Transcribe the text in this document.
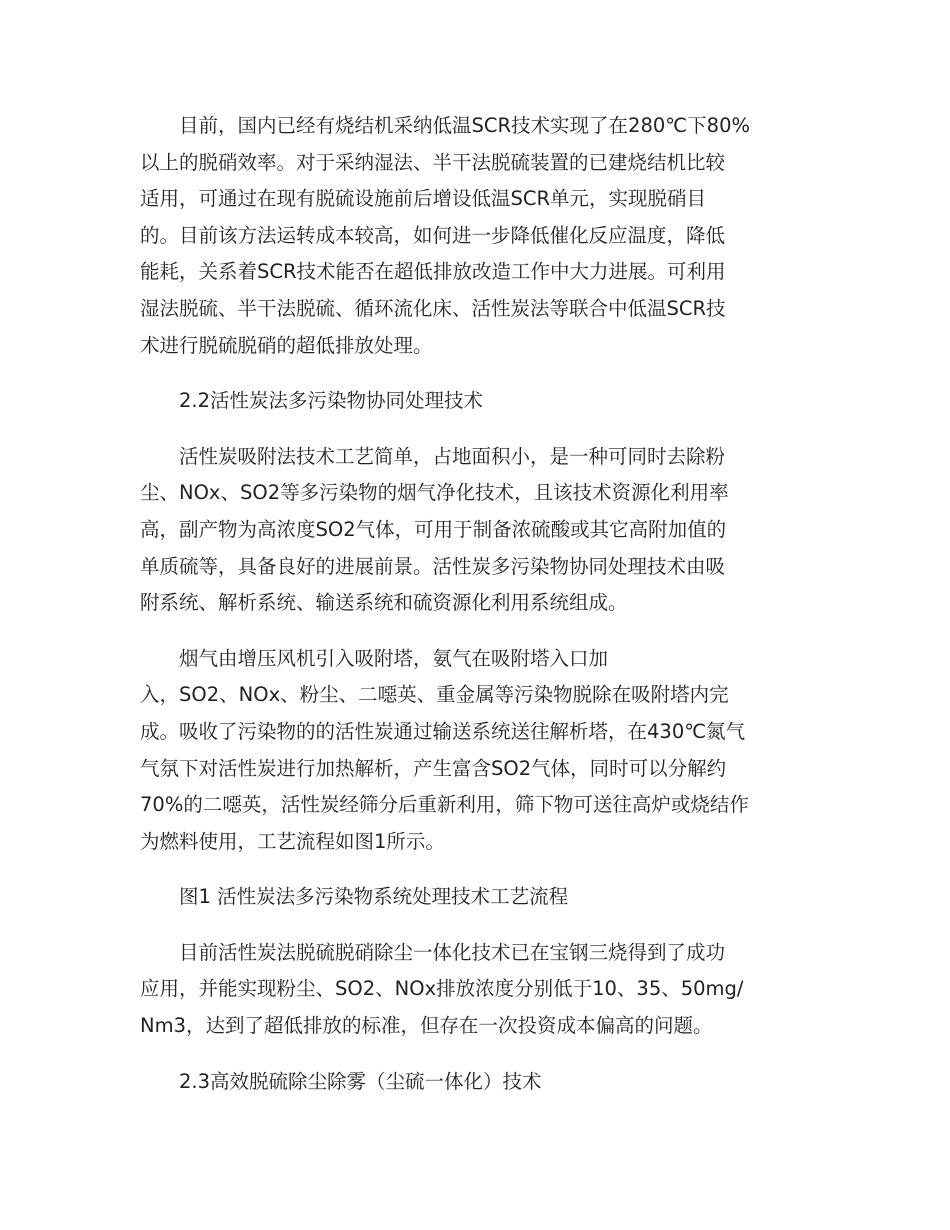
目前，国内已经有烧结机采纳低温SCR技术实现了在280℃下80%
以上的脱硝效率。对于采纳湿法、半干法脱硫装置的已建烧结机比较
适用，可通过在现有脱硫设施前后增设低温SCR单元，实现脱硝目
的。目前该方法运转成本较高，如何进一步降低催化反应温度，降低
能耗，关系着SCR技术能否在超低排放改造工作中大力进展。可利用
湿法脱硫、半干法脱硫、循环流化床、活性炭法等联合中低温SCR技
术进行脱硫脱硝的超低排放处理。
2.2活性炭法多污染物协同处理技术
活性炭吸附法技术工艺简单，占地面积小，是一种可同时去除粉
尘、NOx、SO2等多污染物的烟气净化技术，且该技术资源化利用率
高，副产物为高浓度SO2气体，可用于制备浓硫酸或其它高附加值的
单质硫等，具备良好的进展前景。活性炭多污染物协同处理技术由吸
附系统、解析系统、输送系统和硫资源化利用系统组成。
烟气由增压风机引入吸附塔，氨气在吸附塔入口加
入，SO2、NOx、粉尘、二噁英、重金属等污染物脱除在吸附塔内完
成。吸收了污染物的的活性炭通过输送系统送往解析塔，在430℃氮气
气氛下对活性炭进行加热解析，产生富含SO2气体，同时可以分解约
70%的二噁英，活性炭经筛分后重新利用，筛下物可送往高炉或烧结作
为燃料使用，工艺流程如图1所示。
图1 活性炭法多污染物系统处理技术工艺流程
目前活性炭法脱硫脱硝除尘一体化技术已在宝钢三烧得到了成功
应用，并能实现粉尘、SO2、NOx排放浓度分别低于10、35、50mg/
Nm3，达到了超低排放的标准，但存在一次投资成本偏高的问题。
2.3高效脱硫除尘除雾（尘硫一体化）技术
